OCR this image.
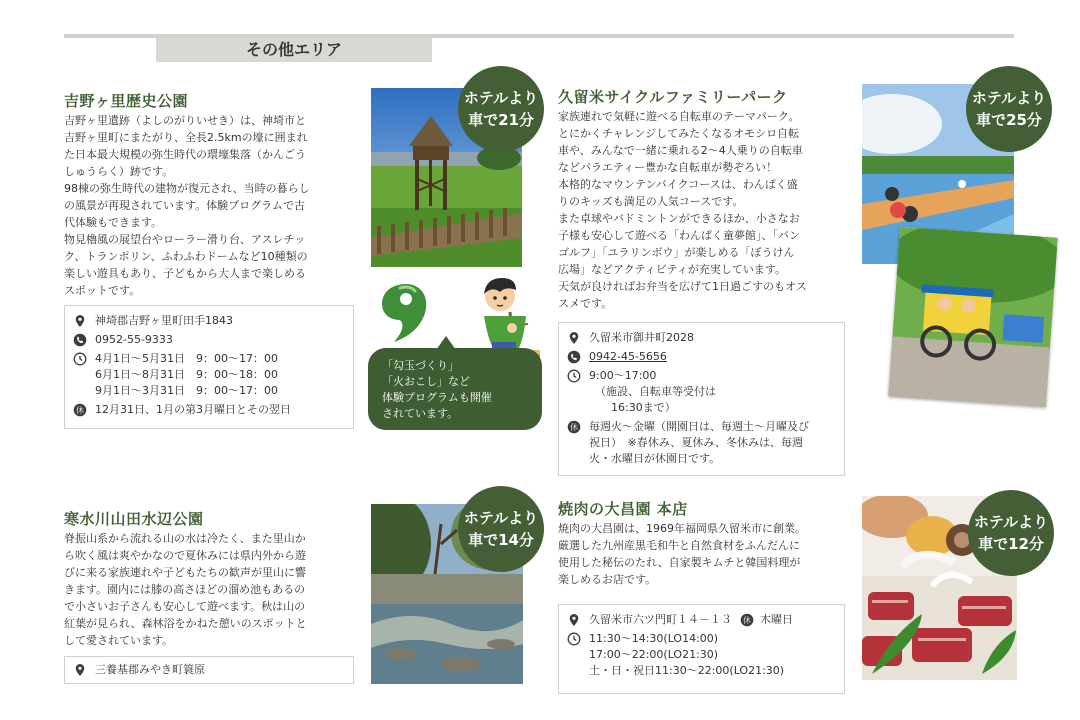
その他エリア
吉野ヶ里歴史公園

吉野ヶ里遺跡（よしのがりいせき）は、神埼市と

吉野ヶ里町にまたがり、全長2.5kmの壕に囲まれ

た日本最大規模の弥生時代の環壕集落（かんごう

しゅうらく）跡です。

98棟の弥生時代の建物が復元され、当時の暮らし

の風景が再現されています。体験プログラムで古

代体験もできます。

物見櫓風の展望台やローラー滑り台、アスレチッ

ク、トランポリン、ふわふわドームなど10種類の

楽しい遊具もあり、子どもから大人まで楽しめる

スポットです。

神埼郡吉野ヶ里町田手1843
0952-55-9333
4月1日～5月31日　9：00～17：00
6月1日～8月31日　9：00～18：00
9月1日～3月31日　9：00～17：00
休 12月31日、1月の第3月曜日とその翌日
ホテルより
車で21分
「勾玉づくり」
「火おこし」など
体験プログラムも開催
されています。
久留米サイクルファミリーパーク

家族連れで気軽に遊べる自転車のテーマパーク。

とにかくチャレンジしてみたくなるオモシロ自転

車や、みんなで一緒に乗れる2～4人乗りの自転車

などバラエティー豊かな自転車が勢ぞろい！

本格的なマウンテンバイクコースは、わんぱく盛

りのキッズも満足の人気コースです。

また卓球やバドミントンができるほか、小さなお

子様も安心して遊べる「わんぱく童夢館」、「バン

ゴルフ」「ユラリンボウ」が楽しめる「ぼうけん

広場」などアクティビティが充実しています。

天気が良ければお弁当を広げて1日過ごすのもオス

スメです。

久留米市御井町2028
0942-45-5656
9:00～17:00
（施設、自転車等受付は
16:30まで）
休 毎週火～金曜（開園日は、毎週土～月曜及び
祝日）　※春休み、夏休み、冬休みは、毎週
火・水曜日が休園日です。
ホテルより
車で25分
寒水川山田水辺公園

脊振山系から流れる山の水は冷たく、また里山か

ら吹く風は爽やかなので夏休みには県内外から遊

びに来る家族連れや子どもたちの歓声が里山に響

きます。園内には膝の高さほどの溜め池もあるの

で小さいお子さんも安心して遊べます。秋は山の

紅葉が見られ、森林浴をかねた憩いのスポットと

して愛されています。

三養基郡みやき町簑原
ホテルより
車で14分
焼肉の大昌園 本店

焼肉の大昌園は、1969年福岡県久留米市に創業。

厳選した九州産黒毛和牛と自然食材をふんだんに

使用した秘伝のたれ、自家製キムチと韓国料理が

楽しめるお店です。

久留米市六ツ門町１４－１３ 休 木曜日
11:30～14:30(LO14:00)
17:00～22:00(LO21:30)
土・日・祝日11:30～22:00(LO21:30)
ホテルより
車で12分
